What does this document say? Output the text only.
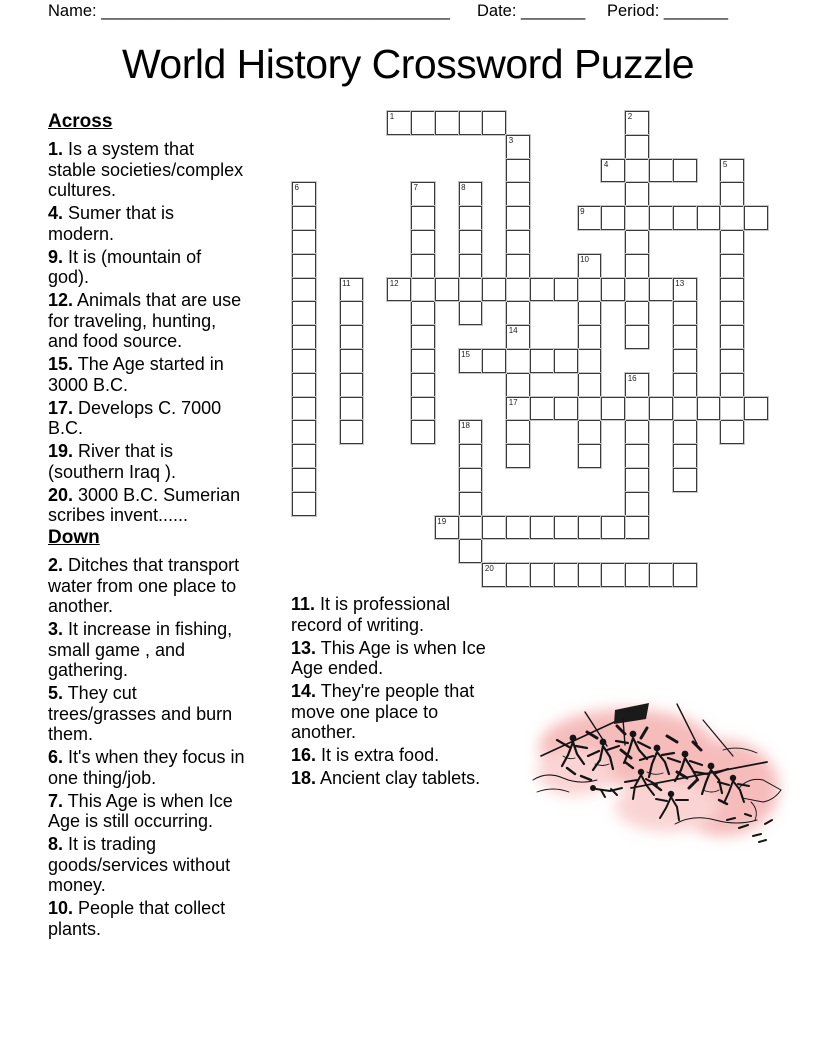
Name: ______________________________________ Date: _______ Period: _______
World History Crossword Puzzle
Across

1. Is a system that stable societies/complex cultures.

4. Sumer that is modern.

9. It is (mountain of god).

12. Animals that are use for traveling, hunting, and food source.

15. The Age started in 3000 B.C.

17. Develops C. 7000 B.C.

19. River that is (southern Iraq ).

20. 3000 B.C. Sumerian scribes invent......

Down

2. Ditches that transport water from one place to another.

3. It increase in fishing, small game , and gathering.

5. They cut trees/grasses and burn them.

6. It's when they focus in one thing/job.

7. This Age is when Ice Age is still occurring.

8. It is trading goods/services without money.

10. People that collect plants.

11. It is professional record of writing.

13. This Age is when Ice Age ended.

14. They're people that move one place to another.

16. It is extra food.

18. Ancient clay tablets.

1	2
3
4	5
6	7	8
9
10
11	12	13
14
17
15
16
18
19
20
